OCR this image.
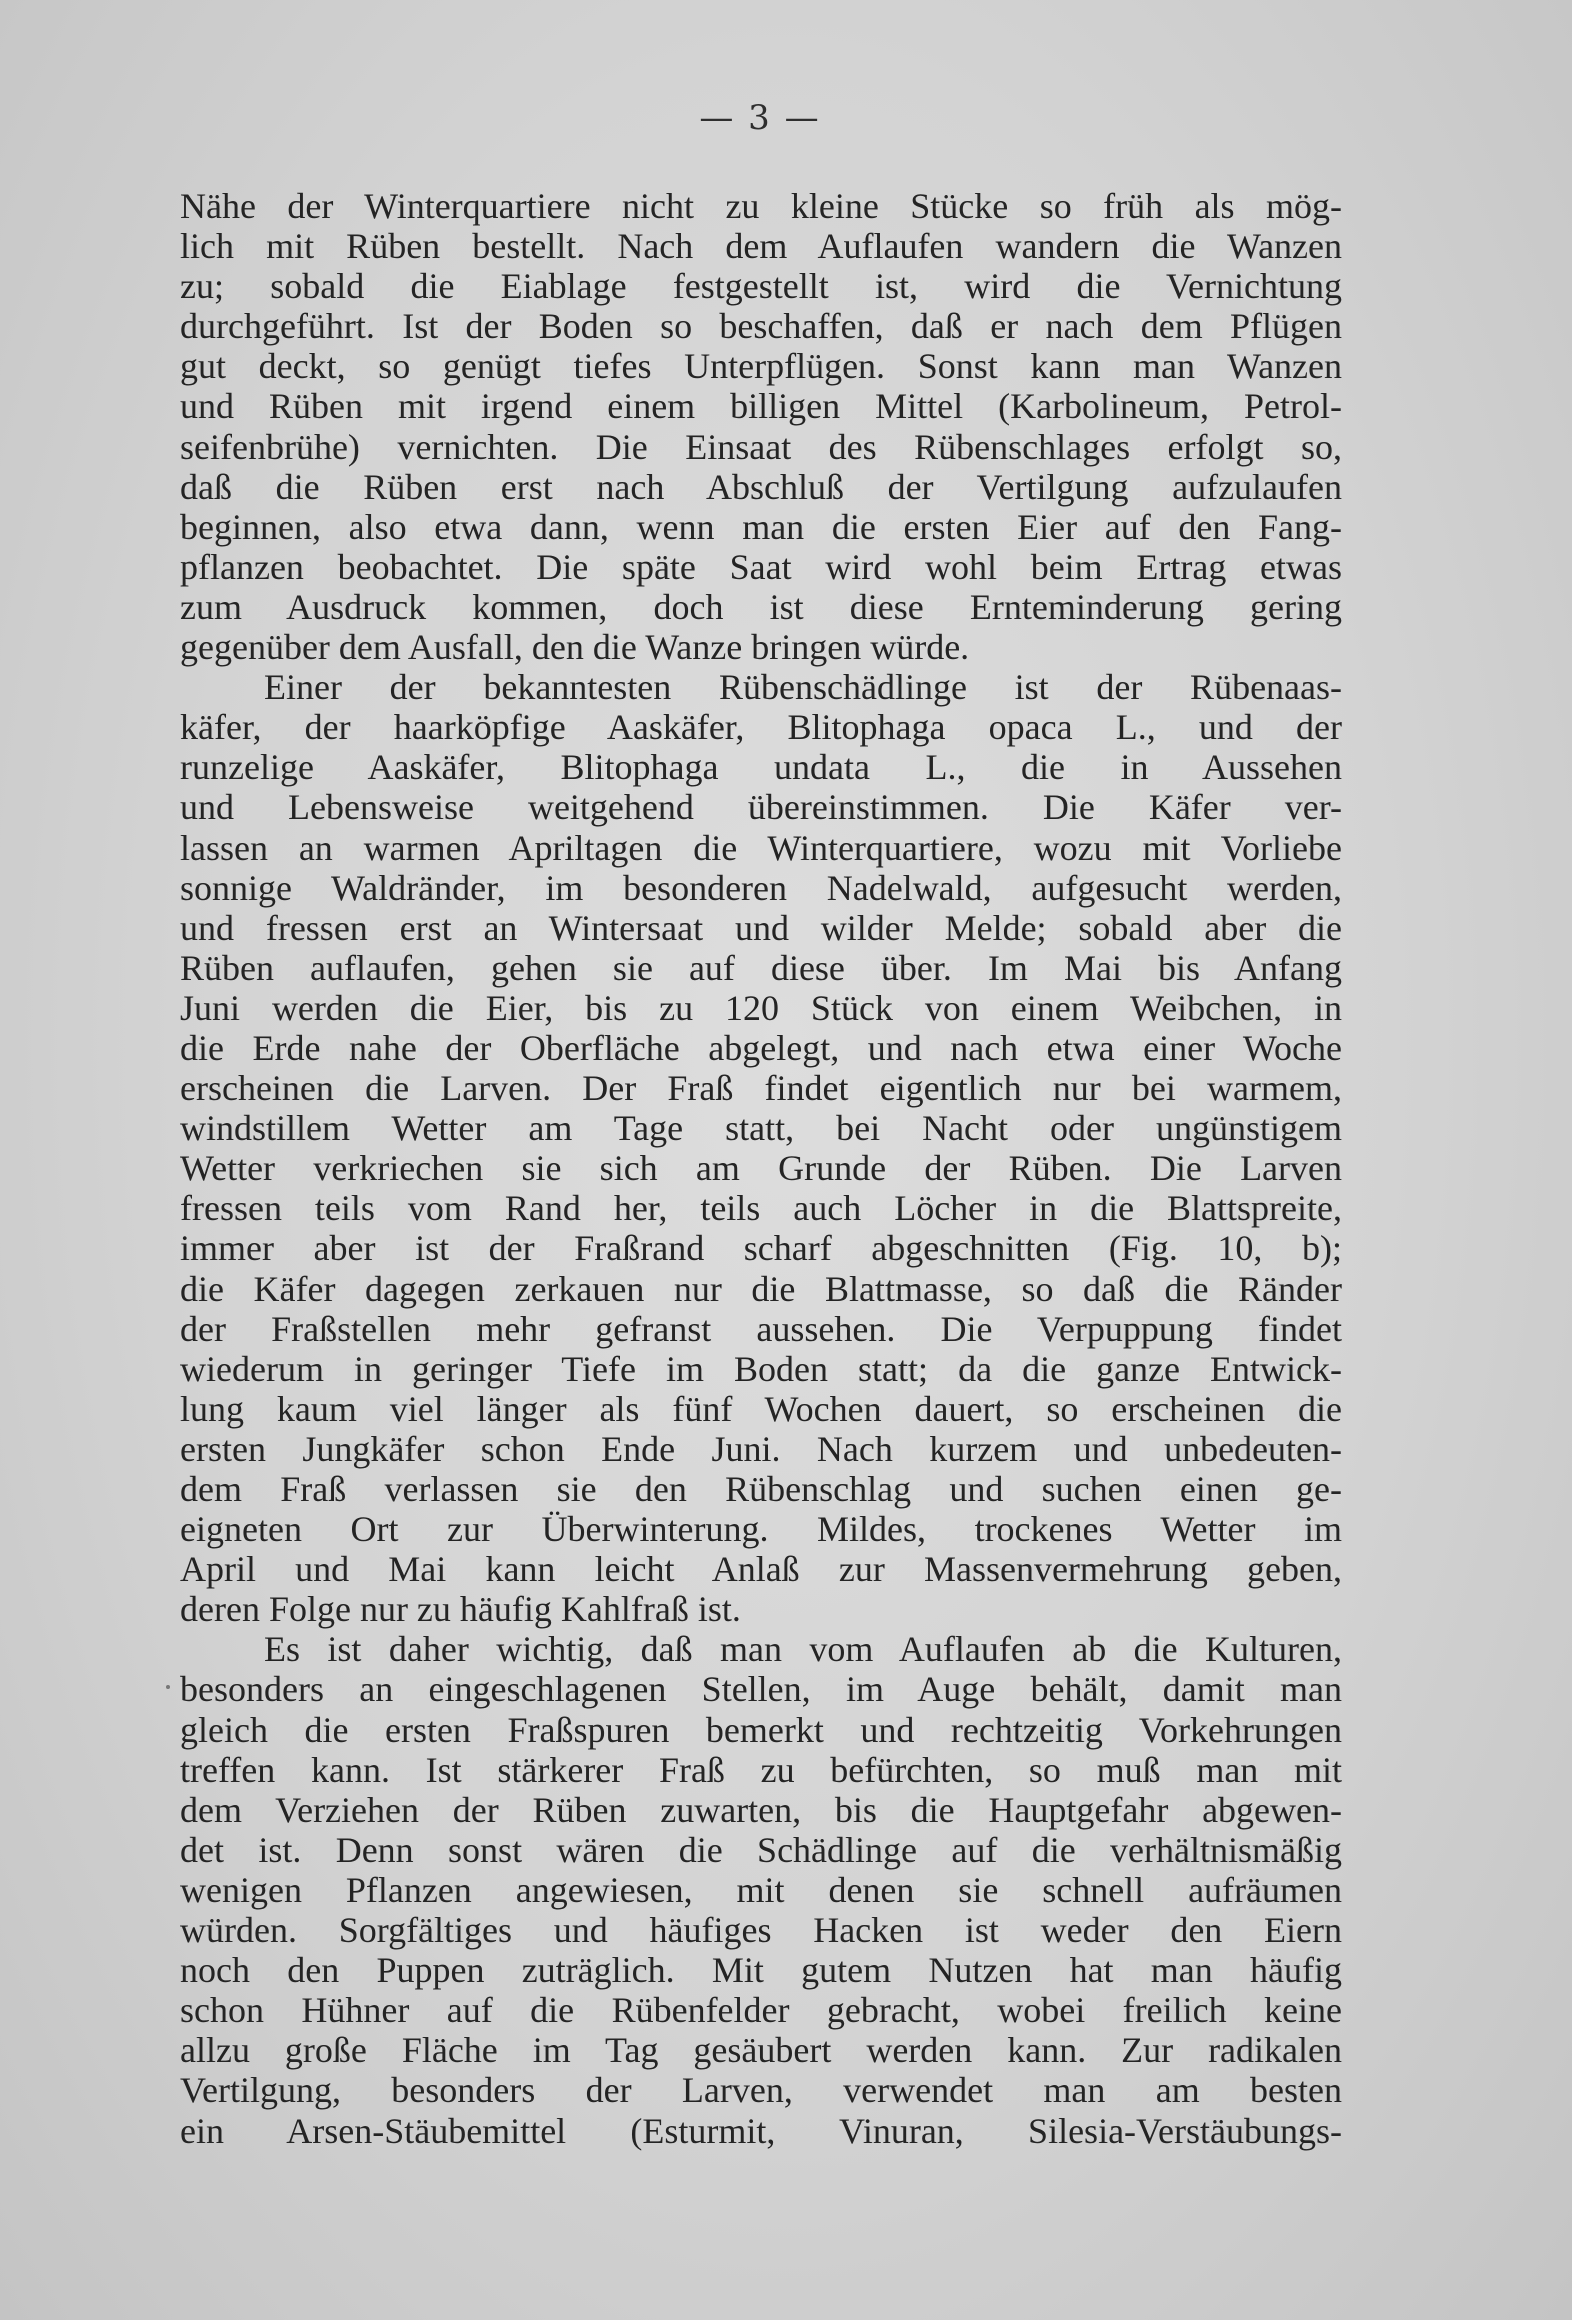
— 3 —
Nähe der Winterquartiere nicht zu kleine Stücke so früh als mög-
lich mit Rüben bestellt. Nach dem Auflaufen wandern die Wanzen
zu; sobald die Eiablage festgestellt ist, wird die Vernichtung
durchgeführt. Ist der Boden so beschaffen, daß er nach dem Pflügen
gut deckt, so genügt tiefes Unterpflügen. Sonst kann man Wanzen
und Rüben mit irgend einem billigen Mittel (Karbolineum, Petrol-
seifenbrühe) vernichten. Die Einsaat des Rübenschlages erfolgt so,
daß die Rüben erst nach Abschluß der Vertilgung aufzulaufen
beginnen, also etwa dann, wenn man die ersten Eier auf den Fang-
pflanzen beobachtet. Die späte Saat wird wohl beim Ertrag etwas
zum Ausdruck kommen, doch ist diese Ernteminderung gering
gegenüber dem Ausfall, den die Wanze bringen würde.
Einer der bekanntesten Rübenschädlinge ist der Rübenaas-
käfer, der haarköpfige Aaskäfer, Blitophaga opaca L., und der
runzelige Aaskäfer, Blitophaga undata L., die in Aussehen
und Lebensweise weitgehend übereinstimmen. Die Käfer ver-
lassen an warmen Apriltagen die Winterquartiere, wozu mit Vorliebe
sonnige Waldränder, im besonderen Nadelwald, aufgesucht werden,
und fressen erst an Wintersaat und wilder Melde; sobald aber die
Rüben auflaufen, gehen sie auf diese über. Im Mai bis Anfang
Juni werden die Eier, bis zu 120 Stück von einem Weibchen, in
die Erde nahe der Oberfläche abgelegt, und nach etwa einer Woche
erscheinen die Larven. Der Fraß findet eigentlich nur bei warmem,
windstillem Wetter am Tage statt, bei Nacht oder ungünstigem
Wetter verkriechen sie sich am Grunde der Rüben. Die Larven
fressen teils vom Rand her, teils auch Löcher in die Blattspreite,
immer aber ist der Fraßrand scharf abgeschnitten (Fig. 10, b);
die Käfer dagegen zerkauen nur die Blattmasse, so daß die Ränder
der Fraßstellen mehr gefranst aussehen. Die Verpuppung findet
wiederum in geringer Tiefe im Boden statt; da die ganze Entwick-
lung kaum viel länger als fünf Wochen dauert, so erscheinen die
ersten Jungkäfer schon Ende Juni. Nach kurzem und unbedeuten-
dem Fraß verlassen sie den Rübenschlag und suchen einen ge-
eigneten Ort zur Überwinterung. Mildes, trockenes Wetter im
April und Mai kann leicht Anlaß zur Massenvermehrung geben,
deren Folge nur zu häufig Kahlfraß ist.
Es ist daher wichtig, daß man vom Auflaufen ab die Kulturen,
besonders an eingeschlagenen Stellen, im Auge behält, damit man
gleich die ersten Fraßspuren bemerkt und rechtzeitig Vorkehrungen
treffen kann. Ist stärkerer Fraß zu befürchten, so muß man mit
dem Verziehen der Rüben zuwarten, bis die Hauptgefahr abgewen-
det ist. Denn sonst wären die Schädlinge auf die verhältnismäßig
wenigen Pflanzen angewiesen, mit denen sie schnell aufräumen
würden. Sorgfältiges und häufiges Hacken ist weder den Eiern
noch den Puppen zuträglich. Mit gutem Nutzen hat man häufig
schon Hühner auf die Rübenfelder gebracht, wobei freilich keine
allzu große Fläche im Tag gesäubert werden kann. Zur radikalen
Vertilgung, besonders der Larven, verwendet man am besten
ein Arsen-Stäubemittel (Esturmit, Vinuran, Silesia-Verstäubungs-
